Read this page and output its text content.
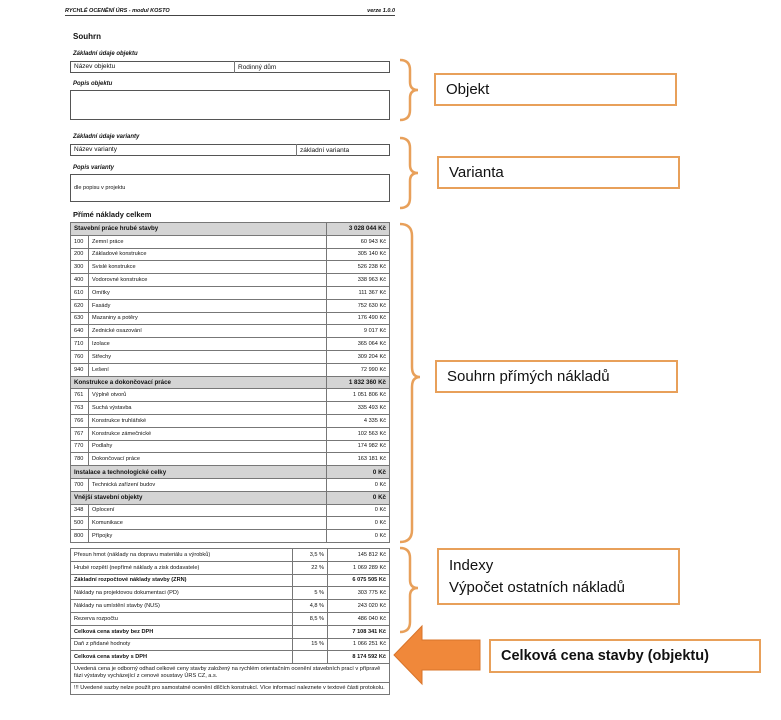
RYCHLÉ OCENĚNÍ ÚRS - modul KOSTO	verze 1.0.0
Souhrn
Základní údaje objektu
Název objektu	Rodinný dům
Popis objektu
Základní údaje varianty
Název varianty	základní varianta
Popis varianty
dle popisu v projektu
Přímé náklady celkem
Stavební práce hrubé stavby		3 028 044 Kč
100	Zemní práce	60 943 Kč
200	Základové konstrukce	305 140 Kč
300	Svislé konstrukce	526 238 Kč
400	Vodorovné konstrukce	338 963 Kč
610	Omítky	111 367 Kč
620	Fasády	752 630 Kč
630	Mazaniny a potěry	176 490 Kč
640	Zednické osazování	9 017 Kč
710	Izolace	365 064 Kč
760	Střechy	309 204 Kč
940	Lešení	72 990 Kč
Konstrukce a dokončovací práce		1 832 360 Kč
761	Výplně otvorů	1 051 806 Kč
763	Suchá výstavba	335 493 Kč
766	Konstrukce truhlářské	4 335 Kč
767	Konstrukce zámečnické	102 563 Kč
770	Podlahy	174 982 Kč
780	Dokončovací práce	163 181 Kč
Instalace a technologické celky		0 Kč
700	Technická zařízení budov	0 Kč
Vnější stavební objekty		0 Kč
348	Oplocení	0 Kč
500	Komunikace	0 Kč
800	Přípojky	0 Kč
Přesun hmot (náklady na dopravu materiálu a výrobků)	3,5 %	145 812 Kč
Hrubé rozpětí (nepřímé náklady a zisk dodavatele)	22 %	1 069 289 Kč
Základní rozpočtové náklady stavby (ZRN)		6 075 505 Kč
Náklady na projektovou dokumentaci (PD)	5 %	303 775 Kč
Náklady na umístění stavby (NUS)	4,8 %	243 020 Kč
Rezerva rozpočtu	8,5 %	486 040 Kč
Celková cena stavby bez DPH		7 108 341 Kč
Daň z přidané hodnoty	15 %	1 066 251 Kč
Celková cena stavby s DPH		8 174 592 Kč
Uvedená cena je odborný odhad celkové ceny stavby založený na rychlém orientačním ocenění stavebních prací v přípravě fázi výstavby vycházející z cenové soustavy ÚRS CZ, a.s.
!!! Uvedené sazby nelze použít pro samostatné ocenění dílčích konstrukcí. Více informací naleznete v textové části protokolu.
Objekt
Varianta
Souhrn přímých nákladů
Indexy
Výpočet ostatních nákladů
Celková cena stavby (objektu)
